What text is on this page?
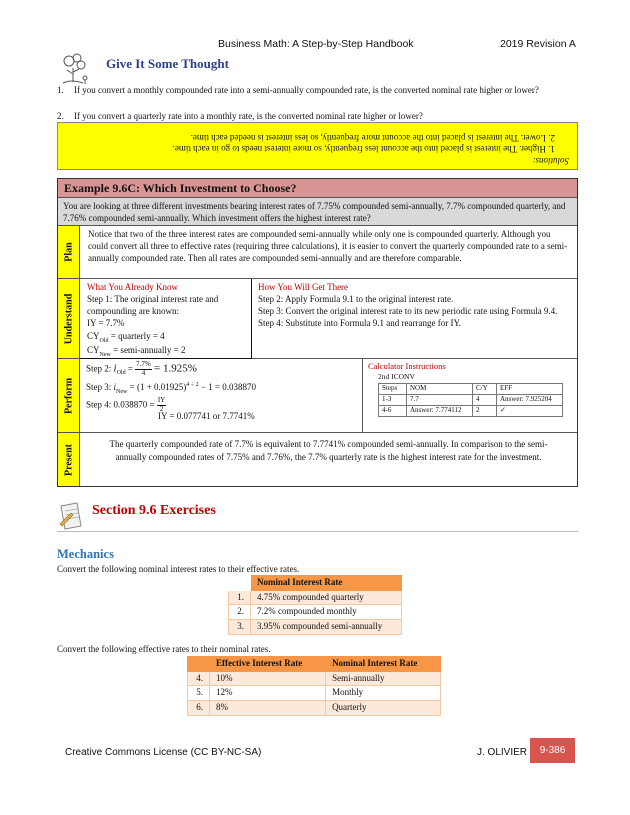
Business Math: A Step-by-Step Handbook	2019 Revision A
Give It Some Thought
1. If you convert a monthly compounded rate into a semi-annually compounded rate, is the converted nominal rate higher or lower?
2. If you convert a quarterly rate into a monthly rate, is the converted nominal rate higher or lower?
Solutions:
1. Higher. The interest is placed into the account less frequently, so more interest needs to go in each time.
2. Lower. The interest is placed into the account more frequently, so less interest is needed each time.
Example 9.6C: Which Investment to Choose?
You are looking at three different investments bearing interest rates of 7.75% compounded semi-annually, 7.7% compounded quarterly, and 7.76% compounded semi-annually. Which investment offers the highest interest rate?
Plan
Notice that two of the three interest rates are compounded semi-annually while only one is compounded quarterly. Although you could convert all three to effective rates (requiring three calculations), it is easier to convert the quarterly compounded rate to a semi-annually compounded rate. Then all rates are compounded semi-annually and are therefore comparable.
Understand
What You Already Know
Step 1: The original interest rate and compounding are known:
IY = 7.7%
$CY_{Old}$ = quarterly = 4
$CY_{New}$ = semi-annually = 2
How You Will Get There
Step 2: Apply Formula 9.1 to the original interest rate.
Step 3: Convert the original interest rate to its new periodic rate using Formula 9.4.
Step 4: Substitute into Formula 9.1 and rearrange for IY.
Perform
Step 2: $i_{Old} = \frac{7.7\%}{4} = 1.925\%$
Step 3: $i_{New} = (1 + 0.01925)^{4 \div 2} - 1 = 0.038870$
Step 4: $0.038870 = \frac{IY}{2}$
IY = 0.077741 or 7.7741%
Calculator Instructions
2nd ICONV
Steps	NOM	C/Y	EFF
1-3	7.7	4	Answer: 7.925204
4-6	Answer: 7.774112	2	✓
Present	The quarterly compounded rate of 7.7% is equivalent to 7.7741% compounded semi-annually. In comparison to the semi-annually compounded rates of 7.75% and 7.76%, the 7.7% quarterly rate is the highest interest rate for the investment.
Section 9.6 Exercises
Mechanics
Convert the following nominal interest rates to their effective rates.
	Nominal Interest Rate
1.	4.75% compounded quarterly
2.	7.2% compounded monthly
3.	3.95% compounded semi-annually
Convert the following effective rates to their nominal rates.
	Effective Interest Rate	Nominal Interest Rate
4.	10%	Semi-annually
5.	12%	Monthly
6.	8%	Quarterly
Creative Commons License (CC BY-NC-SA)	J. OLIVIER	9-386
